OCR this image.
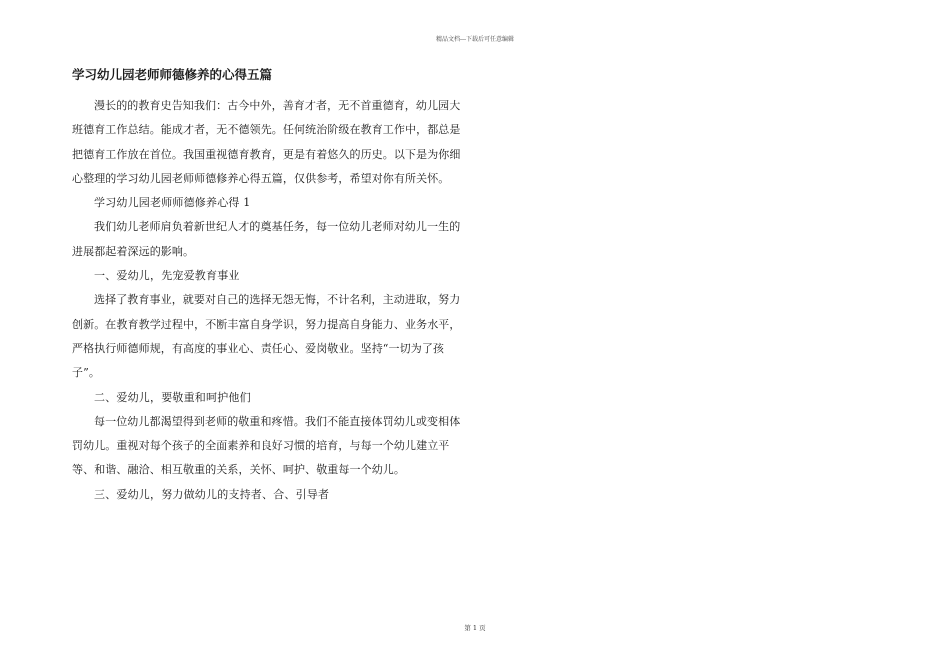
精品文档---下载后可任意编辑
学习幼儿园老师师德修养的心得五篇

漫长的的教育史告知我们：古今中外，善育才者，无不首重德育，幼儿园大班德育工作总结。能成才者，无不德领先。任何统治阶级在教育工作中，都总是把德育工作放在首位。我国重视德育教育，更是有着悠久的历史。以下是为你细心整理的学习幼儿园老师师德修养心得五篇，仅供参考，希望对你有所关怀。

学习幼儿园老师师德修养心得 1

我们幼儿老师肩负着新世纪人才的奠基任务，每一位幼儿老师对幼儿一生的进展都起着深远的影响。

一、爱幼儿，先宠爱教育事业

选择了教育事业，就要对自己的选择无怨无悔，不计名利，主动进取，努力创新。在教育教学过程中，不断丰富自身学识，努力提高自身能力、业务水平，严格执行师德师规，有高度的事业心、责任心、爱岗敬业。坚持“一切为了孩子”。

二、爱幼儿，要敬重和呵护他们

每一位幼儿都渴望得到老师的敬重和疼惜。我们不能直接体罚幼儿或变相体罚幼儿。重视对每个孩子的全面素养和良好习惯的培育，与每一个幼儿建立平等、和谐、融洽、相互敬重的关系，关怀、呵护、敬重每一个幼儿。

三、爱幼儿，努力做幼儿的支持者、合、引导者

第 1 页
